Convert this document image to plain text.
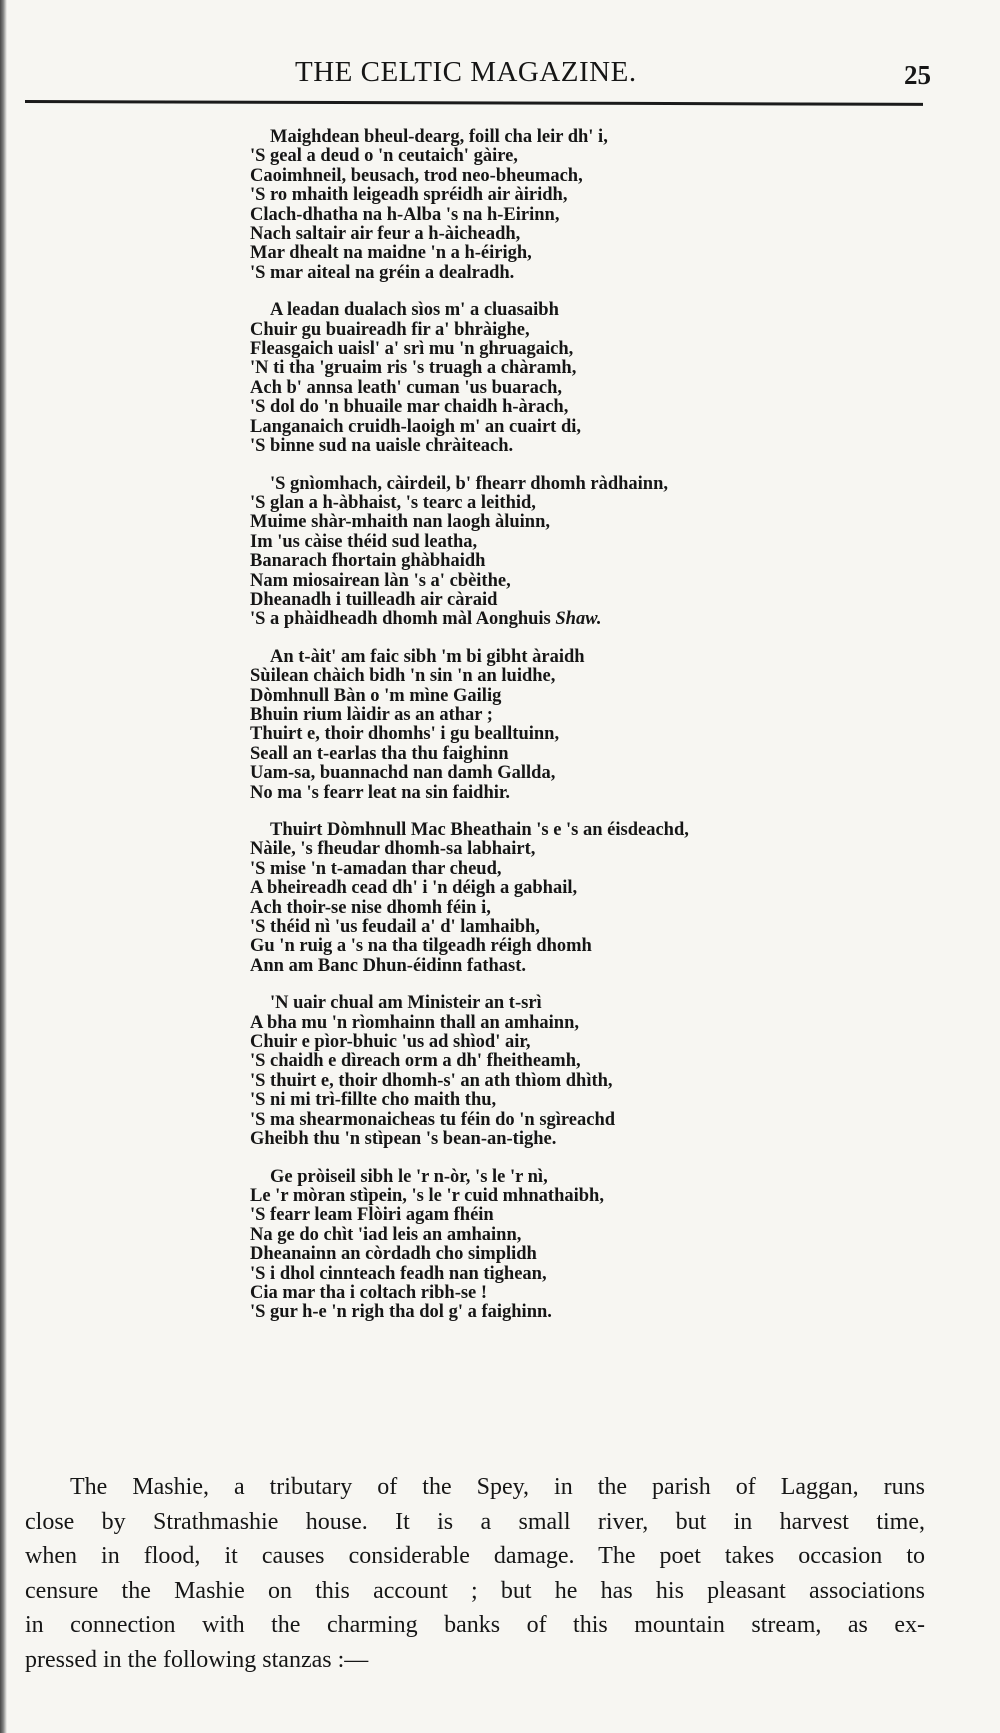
THE CELTIC MAGAZINE.	25
Maighdean bheul-dearg, foill cha leir dh' i,
'S geal a deud o 'n ceutaich' gàire,
Caoimhneil, beusach, trod neo-bheumach,
'S ro mhaith leigeadh spréidh air àiridh,
Clach-dhatha na h-Alba 's na h-Eirinn,
Nach saltair air feur a h-àicheadh,
Mar dhealt na maidne 'n a h-éirigh,
'S mar aiteal na gréin a dealradh.
A leadan dualach sìos m' a cluasaibh
Chuir gu buaireadh fir a' bhràighe,
Fleasgaich uaisl' a' srì mu 'n ghruagaich,
'N ti tha 'gruaim ris 's truagh a chàramh,
Ach b' annsa leath' cuman 'us buarach,
'S dol do 'n bhuaile mar chaidh h-àrach,
Langanaich cruidh-laoigh m' an cuairt di,
'S binne sud na uaisle chràiteach.
'S gnìomhach, càirdeil, b' fhearr dhomh ràdhainn,
'S glan a h-àbhaist, 's tearc a leithid,
Muime shàr-mhaith nan laogh àluinn,
Im 'us càise théid sud leatha,
Banarach fhortain ghàbhaidh
Nam miosairean làn 's a' cbèithe,
Dheanadh i tuilleadh air càraid
'S a phàidheadh dhomh màl Aonghuis Shaw.
An t-àit' am faic sibh 'm bi gibht àraidh
Sùilean chàich bidh 'n sin 'n an luidhe,
Dòmhnull Bàn o 'm mìne Gailig
Bhuin rium làidir as an athar ;
Thuirt e, thoir dhomhs' i gu bealltuinn,
Seall an t-earlas tha thu faighinn
Uam-sa, buannachd nan damh Gallda,
No ma 's fearr leat na sin faidhir.
Thuirt Dòmhnull Mac Bheathain 's e 's an éisdeachd,
Nàile, 's fheudar dhomh-sa labhairt,
'S mise 'n t-amadan thar cheud,
A bheireadh cead dh' i 'n déigh a gabhail,
Ach thoir-se nise dhomh féin i,
'S théid nì 'us feudail a' d' lamhaibh,
Gu 'n ruig a 's na tha tilgeadh réigh dhomh
Ann am Banc Dhun-éidinn fathast.
'N uair chual am Ministeir an t-srì
A bha mu 'n rìomhainn thall an amhainn,
Chuir e pìor-bhuic 'us ad shìod' air,
'S chaidh e dìreach orm a dh' fheitheamh,
'S thuirt e, thoir dhomh-s' an ath thìom dhìth,
'S ni mi trì-fillte cho maith thu,
'S ma shearmonaicheas tu féin do 'n sgìreachd
Gheibh thu 'n stìpean 's bean-an-tighe.
Ge pròiseil sibh le 'r n-òr, 's le 'r nì,
Le 'r mòran stìpein, 's le 'r cuid mhnathaibh,
'S fearr leam Flòiri agam fhéin
Na ge do chìt 'iad leis an amhainn,
Dheanainn an còrdadh cho simplidh
'S i dhol cinnteach feadh nan tighean,
Cia mar tha i coltach ribh-se !
'S gur h-e 'n righ tha dol g' a faighinn.
The Mashie, a tributary of the Spey, in the parish of Laggan, runs
close by Strathmashie house. It is a small river, but in harvest time,
when in flood, it causes considerable damage. The poet takes occasion to
censure the Mashie on this account ; but he has his pleasant associations
in connection with the charming banks of this mountain stream, as ex-
pressed in the following stanzas :—
